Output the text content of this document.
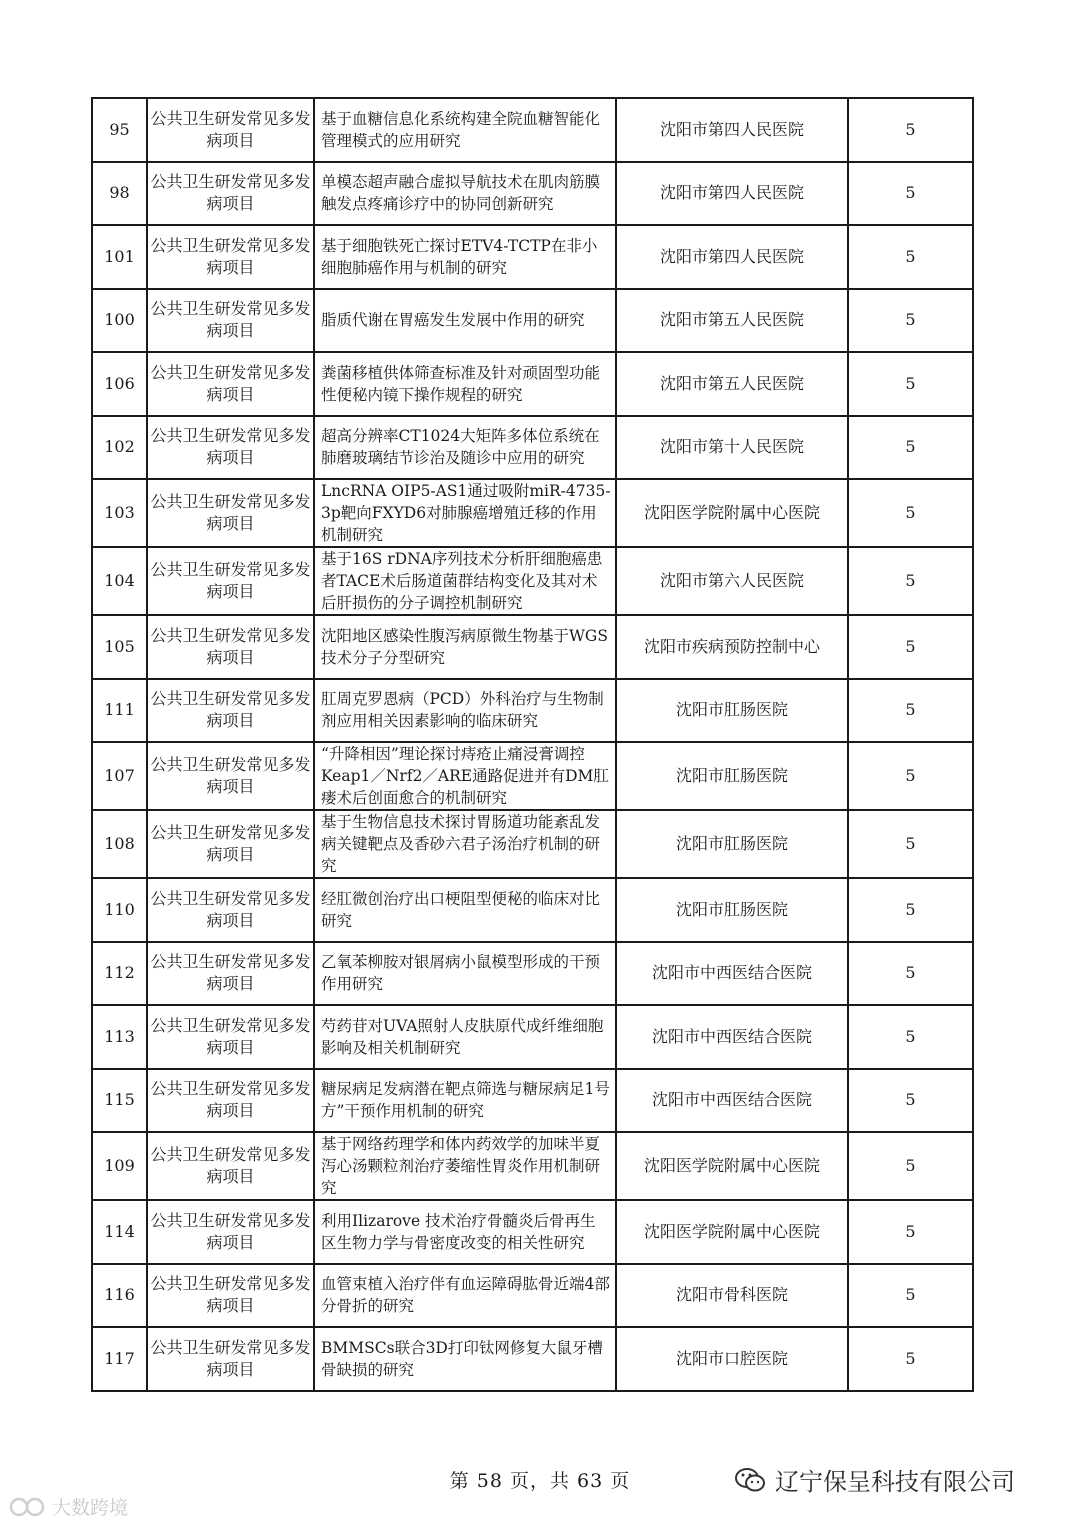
95	公共卫生研发常见多发病项目	基于血糖信息化系统构建全院血糖智能化管理模式的应用研究	沈阳市第四人民医院	5
98	公共卫生研发常见多发病项目	单模态超声融合虚拟导航技术在肌肉筋膜触发点疼痛诊疗中的协同创新研究	沈阳市第四人民医院	5
101	公共卫生研发常见多发病项目	基于细胞铁死亡探讨ETV4-TCTP在非小细胞肺癌作用与机制的研究	沈阳市第四人民医院	5
100	公共卫生研发常见多发病项目	脂质代谢在胃癌发生发展中作用的研究	沈阳市第五人民医院	5
106	公共卫生研发常见多发病项目	粪菌移植供体筛查标准及针对顽固型功能性便秘内镜下操作规程的研究	沈阳市第五人民医院	5
102	公共卫生研发常见多发病项目	超高分辨率CT1024大矩阵多体位系统在肺磨玻璃结节诊治及随诊中应用的研究	沈阳市第十人民医院	5
103	公共卫生研发常见多发病项目	LncRNA OIP5-AS1通过吸附miR-4735-3p靶向FXYD6对肺腺癌增殖迁移的作用机制研究	沈阳医学院附属中心医院	5
104	公共卫生研发常见多发病项目	基于16S rDNA序列技术分析肝细胞癌患者TACE术后肠道菌群结构变化及其对术后肝损伤的分子调控机制研究	沈阳市第六人民医院	5
105	公共卫生研发常见多发病项目	沈阳地区感染性腹泻病原微生物基于WGS技术分子分型研究	沈阳市疾病预防控制中心	5
111	公共卫生研发常见多发病项目	肛周克罗恩病（PCD）外科治疗与生物制剂应用相关因素影响的临床研究	沈阳市肛肠医院	5
107	公共卫生研发常见多发病项目	“升降相因”理论探讨痔疮止痛浸膏调控Keap1／Nrf2／ARE通路促进并有DM肛瘘术后创面愈合的机制研究	沈阳市肛肠医院	5
108	公共卫生研发常见多发病项目	基于生物信息技术探讨胃肠道功能紊乱发病关键靶点及香砂六君子汤治疗机制的研究	沈阳市肛肠医院	5
110	公共卫生研发常见多发病项目	经肛微创治疗出口梗阻型便秘的临床对比研究	沈阳市肛肠医院	5
112	公共卫生研发常见多发病项目	乙氧苯柳胺对银屑病小鼠模型形成的干预作用研究	沈阳市中西医结合医院	5
113	公共卫生研发常见多发病项目	芍药苷对UVA照射人皮肤原代成纤维细胞影响及相关机制研究	沈阳市中西医结合医院	5
115	公共卫生研发常见多发病项目	糖尿病足发病潜在靶点筛选与糖尿病足1号方”干预作用机制的研究	沈阳市中西医结合医院	5
109	公共卫生研发常见多发病项目	基于网络药理学和体内药效学的加味半夏泻心汤颗粒剂治疗萎缩性胃炎作用机制研究	沈阳医学院附属中心医院	5
114	公共卫生研发常见多发病项目	利用Ilizarove 技术治疗骨髓炎后骨再生区生物力学与骨密度改变的相关性研究	沈阳医学院附属中心医院	5
116	公共卫生研发常见多发病项目	血管束植入治疗伴有血运障碍肱骨近端4部分骨折的研究	沈阳市骨科医院	5
117	公共卫生研发常见多发病项目	BMMSCs联合3D打印钛网修复大鼠牙槽骨缺损的研究	沈阳市口腔医院	5
第 58 页，共 63 页	辽宁保呈科技有限公司
大数跨境
